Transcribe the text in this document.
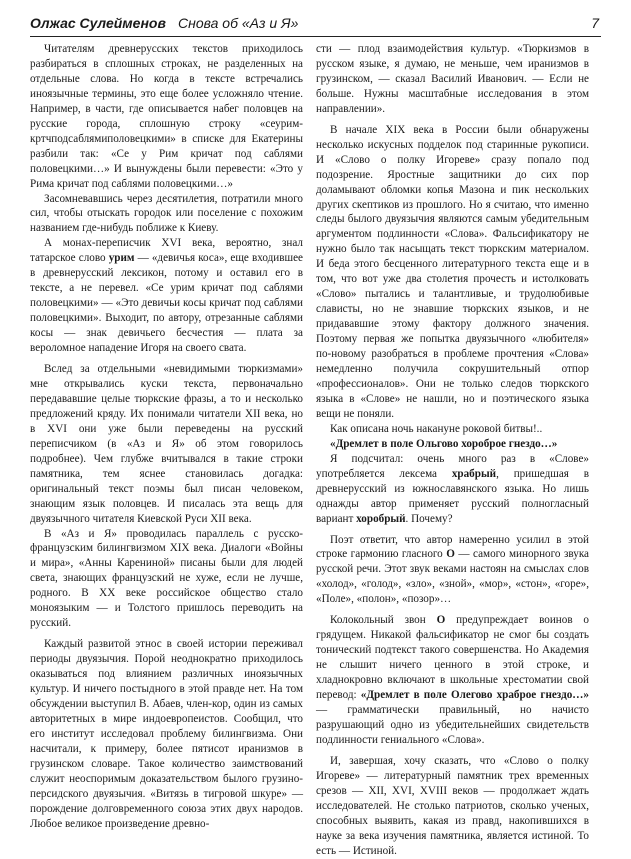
Олжас Сулейменов Снова об «Аз и Я»	7

Читателям древнерусских текстов приходилось разбираться в сплошных строках, не разделенных на отдельные слова. Но когда в тексте встречались иноязычные термины, это еще более усложняло чтение. Например, в части, где описывается набег половцев на русские города, сплошную строку «сеурим-кртчподсаблямиполовецкими» в списке для Екатерины разбили так: «Се у Рим кричат под саблями половецкими…» И вынуждены были перевести: «Это у Рима кричат под саблями половецкими…»

Засомневавшись через десятилетия, потратили много сил, чтобы отыскать городок или поселение с похожим названием где-нибудь поближе к Киеву.

А монах-переписчик XVI века, вероятно, знал татарское слово урим — «девичья коса», еще входившее в древнерусский лексикон, потому и оставил его в тексте, а не перевел. «Се урим кричат под саблями половецкими» — «Это девичьи косы кричат под саблями половецкими». Выходит, по автору, отрезанные саблями косы — знак девичьего бесчестия — плата за вероломное нападение Игоря на своего свата.

Вслед за отдельными «невидимыми тюркизмами» мне открывались куски текста, первоначально передававшие целые тюркские фразы, а то и несколько предложений кряду. Их понимали читатели XII века, но в XVI они уже были переведены на русский переписчиком (в «Аз и Я» об этом говорилось подробнее). Чем глубже вчитывался в такие строки памятника, тем яснее становилась догадка: оригинальный текст поэмы был писан человеком, знающим язык половцев. И писалась эта вещь для двуязычного читателя Киевской Руси XII века.

В «Аз и Я» проводилась параллель с русско-французским билингвизмом XIX века. Диалоги «Войны и мира», «Анны Карениной» писаны были для людей света, знающих французский не хуже, если не лучше, родного. В XX веке российское общество стало моноязыким — и Толстого пришлось переводить на русский.

Каждый развитой этнос в своей истории переживал периоды двуязычия. Порой неоднократно приходилось оказываться под влиянием различных иноязычных культур. И ничего постыдного в этой правде нет. На том обсуждении выступил В. Абаев, член-кор, один из самых авторитетных в мире индоевропеистов. Сообщил, что его институт исследовал проблему билингвизма. Они насчитали, к примеру, более пятисот иранизмов в грузинском словаре. Такое количество заимствований служит неоспоримым доказательством былого грузино-персидского двуязычия. «Витязь в тигровой шкуре» — порождение долговременного союза этих двух народов. Любое великое произведение древно-

сти — плод взаимодействия культур. «Тюркизмов в русском языке, я думаю, не меньше, чем иранизмов в грузинском, — сказал Василий Иванович. — Если не больше. Нужны масштабные исследования в этом направлении».

В начале XIX века в России были обнаружены несколько искусных подделок под старинные рукописи. И «Слово о полку Игореве» сразу попало под подозрение. Яростные защитники до сих пор доламывают обломки копья Мазона и пик нескольких других скептиков из прошлого. Но я считаю, что именно следы былого двуязычия являются самым убедительным аргументом подлинности «Слова». Фальсификатору не нужно было так насыщать текст тюркским материалом. И беда этого бесценного литературного текста еще и в том, что вот уже два столетия прочесть и истолковать «Слово» пытались и талантливые, и трудолюбивые слависты, но не знавшие тюркских языков, и не придававшие этому фактору должного значения. Поэтому первая же попытка двуязычного «любителя» по-новому разобраться в проблеме прочтения «Слова» немедленно получила сокрушительный отпор «профессионалов». Они не только следов тюркского языка в «Слове» не нашли, но и поэтического языка вещи не поняли.

Как описана ночь накануне роковой битвы!..

«Дремлет в поле Ольгово хороброе гнездо…»

Я подсчитал: очень много раз в «Слове» употребляется лексема храбрый, пришедшая в древнерусский из южнославянского языка. Но лишь однажды автор применяет русский полногласный вариант хоробрый. Почему?

Поэт ответит, что автор намеренно усилил в этой строке гармонию гласного О — самого минорного звука русской речи. Этот звук веками настоян на смыслах слов «холод», «голод», «зло», «зной», «мор», «стон», «горе», «Поле», «полон», «позор»…

Колокольный звон О предупреждает воинов о грядущем. Никакой фальсификатор не смог бы создать тонический подтекст такого совершенства. Но Академия не слышит ничего ценного в этой строке, и хладнокровно включают в школьные хрестоматии свой перевод: «Дремлет в поле Олегово храброе гнездо…» — грамматически правильный, но начисто разрушающий одно из убедительнейших свидетельств подлинности гениального «Слова».

И, завершая, хочу сказать, что «Слово о полку Игореве» — литературный памятник трех временных срезов — XII, XVI, XVIII веков — продолжает ждать исследователей. Не столько патриотов, сколько ученых, способных выявить, какая из правд, накопившихся в науке за века изучения памятника, является истиной. То есть — Истиной.
